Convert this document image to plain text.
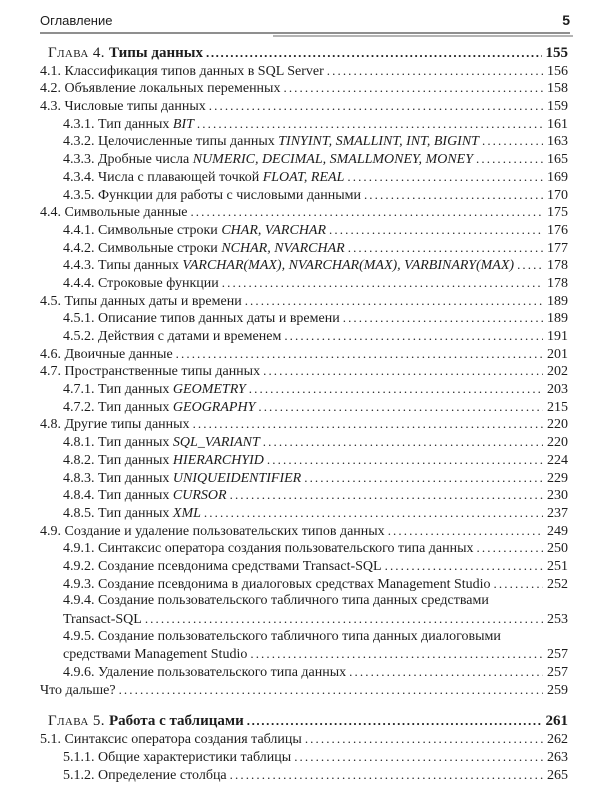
Оглавление	5
Глава 4. Типы данных .....	155
4.1. Классификация типов данных в SQL Server .....	156
4.2. Объявление локальных переменных .....	158
4.3. Числовые типы данных .....	159
4.3.1. Тип данных BIT .....	161
4.3.2. Целочисленные типы данных TINYINT, SMALLINT, INT, BIGINT .....	163
4.3.3. Дробные числа NUMERIC, DECIMAL, SMALLMONEY, MONEY .....	165
4.3.4. Числа с плавающей точкой FLOAT, REAL .....	169
4.3.5. Функции для работы с числовыми данными .....	170
4.4. Символьные данные .....	175
4.4.1. Символьные строки CHAR, VARCHAR .....	176
4.4.2. Символьные строки NCHAR, NVARCHAR .....	177
4.4.3. Типы данных VARCHAR(MAX), NVARCHAR(MAX), VARBINARY(MAX) ..... 178
4.4.4. Строковые функции .....	178
4.5. Типы данных даты и времени .....	189
4.5.1. Описание типов данных даты и времени .....	189
4.5.2. Действия с датами и временем .....	191
4.6. Двоичные данные .....	201
4.7. Пространственные типы данных .....	202
4.7.1. Тип данных GEOMETRY .....	203
4.7.2. Тип данных GEOGRAPHY .....	215
4.8. Другие типы данных .....	220
4.8.1. Тип данных SQL_VARIANT .....	220
4.8.2. Тип данных HIERARCHYID .....	224
4.8.3. Тип данных UNIQUEIDENTIFIER .....	229
4.8.4. Тип данных CURSOR .....	230
4.8.5. Тип данных XML .....	237
4.9. Создание и удаление пользовательских типов данных .....	249
4.9.1. Синтаксис оператора создания пользовательского типа данных .....	250
4.9.2. Создание псевдонима средствами Transact-SQL .....	251
4.9.3. Создание псевдонима в диалоговых средствах Management Studio .....	252
4.9.4. Создание пользовательского табличного типа данных средствами
Transact-SQL .....	253
4.9.5. Создание пользовательского табличного типа данных диалоговыми
средствами Management Studio .....	257
4.9.6. Удаление пользовательского типа данных .....	257
Что дальше? .....	259
Глава 5. Работа с таблицами .....	261
5.1. Синтаксис оператора создания таблицы .....	262
5.1.1. Общие характеристики таблицы .....	263
5.1.2. Определение столбца .....	265
